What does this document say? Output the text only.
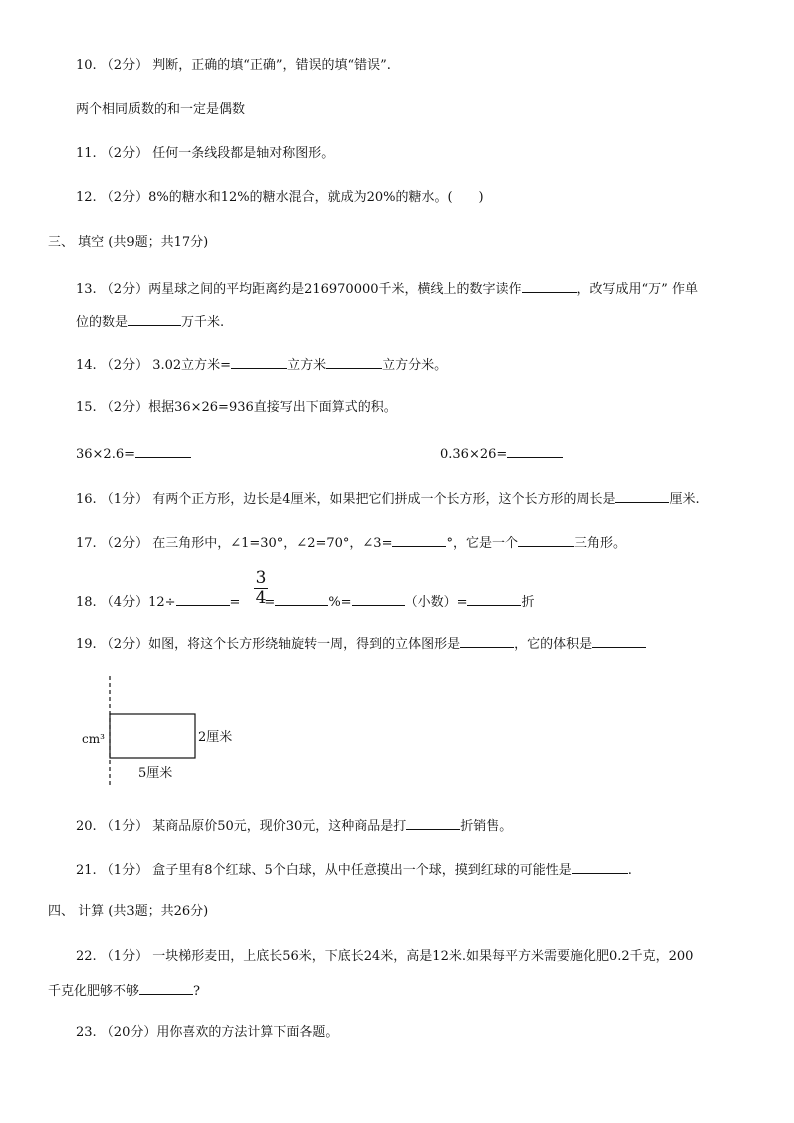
10. （2分） 判断，正确的填“正确”，错误的填“错误”.
两个相同质数的和一定是偶数
11. （2分） 任何一条线段都是轴对称图形。
12. （2分）8%的糖水和12%的糖水混合，就成为20%的糖水。(　　)
三、 填空 (共9题；共17分)
13. （2分）两星球之间的平均距离约是216970000千米，横线上的数字读作	，改写成用“万” 作单
位的数是	万千米.
14. （2分） 3.02立方米=	立方米	立方分米。
15. （2分）根据36×26=936直接写出下面算式的积。
36×2.6=	0.36×26=
16. （1分） 有两个正方形，边长是4厘米，如果把它们拼成一个长方形，这个长方形的周长是	厘米.
17. （2分） 在三角形中，∠1=30°，∠2=70°，∠3=	°，它是一个	三角形。
18. （4分）12÷	= =	%=	（小数）=	折
3
4
19. （2分）如图，将这个长方形绕轴旋转一周，得到的立体图形是	，它的体积是
cm³	2厘米
5厘米
20. （1分） 某商品原价50元，现价30元，这种商品是打	折销售。
21. （1分） 盒子里有8个红球、5个白球，从中任意摸出一个球，摸到红球的可能性是	.
四、 计算 (共3题；共26分)
22. （1分） 一块梯形麦田，上底长56米，下底长24米，高是12米.如果每平方米需要施化肥0.2千克，200
千克化肥够不够	?
23. （20分）用你喜欢的方法计算下面各题。
